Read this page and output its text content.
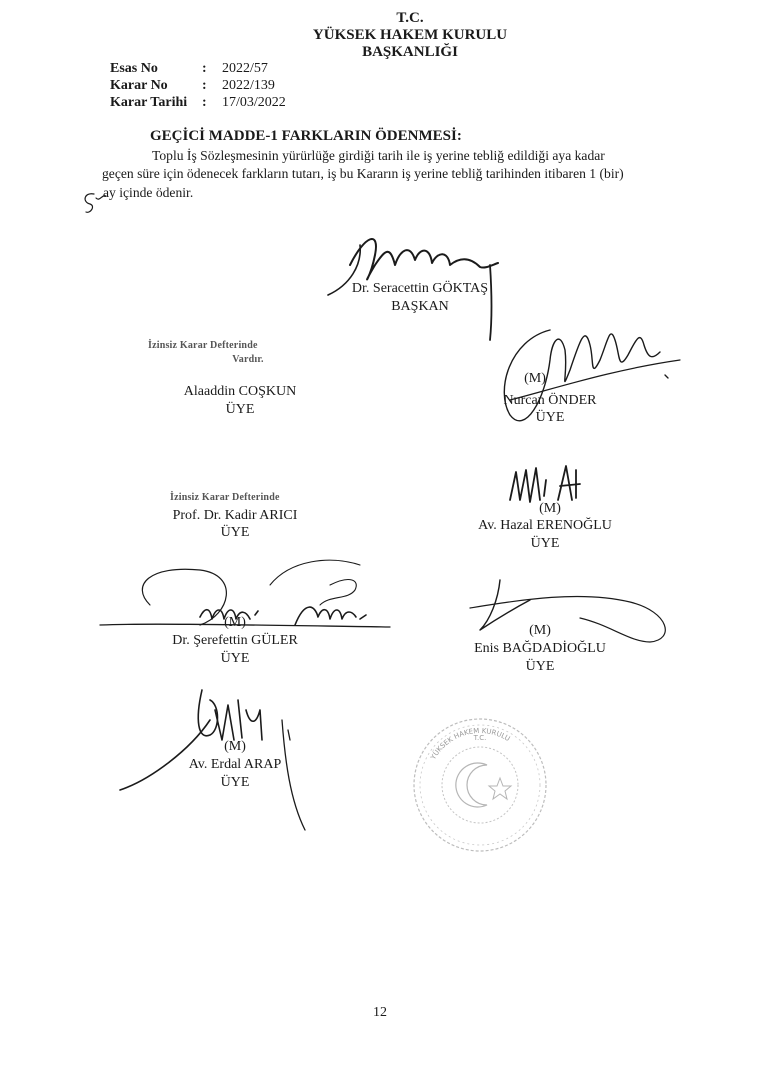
T.C.
YÜKSEK HAKEM KURULU
BAŞKANLIĞI
Esas No	: 2022/57
Karar No : 2022/139
Karar Tarihi : 17/03/2022
GEÇİCİ MADDE-1 FARKLARIN ÖDENMESİ:
Toplu İş Sözleşmesinin yürürlüğe girdiği tarih ile iş yerine tebliğ edildiği aya kadar
geçen süre için ödenecek farkların tutarı, iş bu Kararın iş yerine tebliğ tarihinden itibaren 1 (bir)
ay içinde ödenir.
Dr. Seracettin GÖKTAŞ
BAŞKAN
İzinsiz Karar Defterinde
Vardır.
Alaaddin COŞKUN
ÜYE
(M)
Nurcan ÖNDER
ÜYE
İzinsiz Karar Defterinde
Prof. Dr. Kadir ARICI
ÜYE
(M)
Av. Hazal ERENOĞLU
ÜYE
(M)
Dr. Şerefettin GÜLER
ÜYE
(M)
Enis BAĞDADİOĞLU
ÜYE
(M)
Av. Erdal ARAP
ÜYE
T.C.
YÜKSEK HAKEM KURULU
12
